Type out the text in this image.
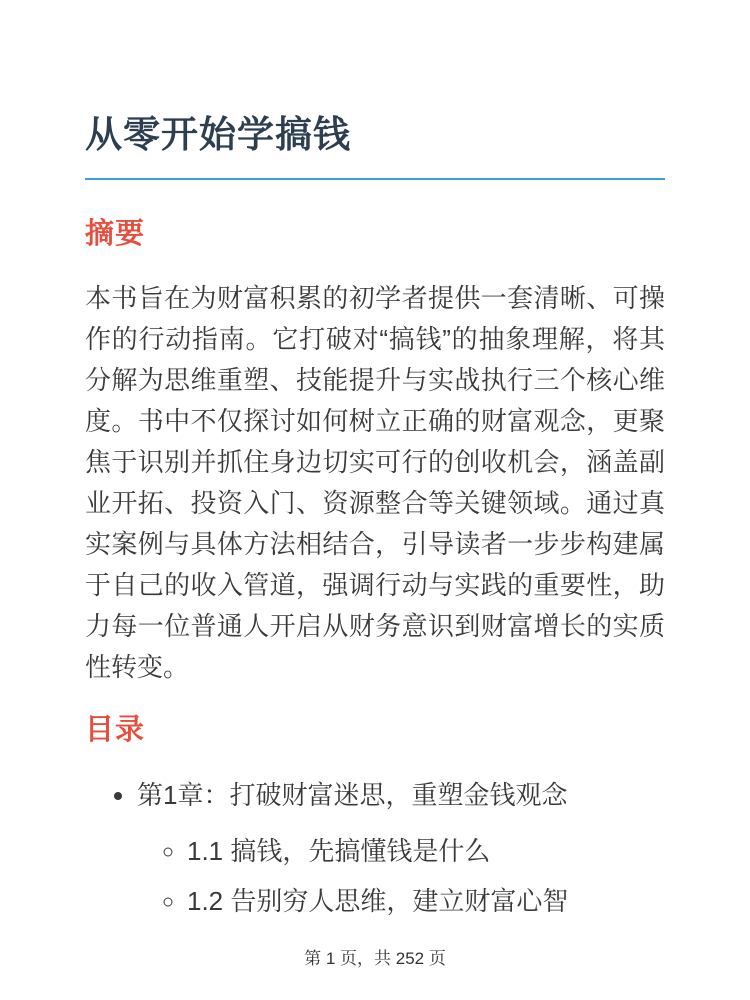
从零开始学搞钱
摘要

本书旨在为财富积累的初学者提供一套清晰、可操作的行动指南。它打破对“搞钱”的抽象理解，将其分解为思维重塑、技能提升与实战执行三个核心维度。书中不仅探讨如何树立正确的财富观念，更聚焦于识别并抓住身边切实可行的创收机会，涵盖副业开拓、投资入门、资源整合等关键领域。通过真实案例与具体方法相结合，引导读者一步步构建属于自己的收入管道，强调行动与实践的重要性，助力每一位普通人开启从财务意识到财富增长的实质性转变。

目录
• 第1章：打破财富迷思，重塑金钱观念
◦ 1.1 搞钱，先搞懂钱是什么
◦ 1.2 告别穷人思维，建立财富心智
第 1 页，共 252 页
